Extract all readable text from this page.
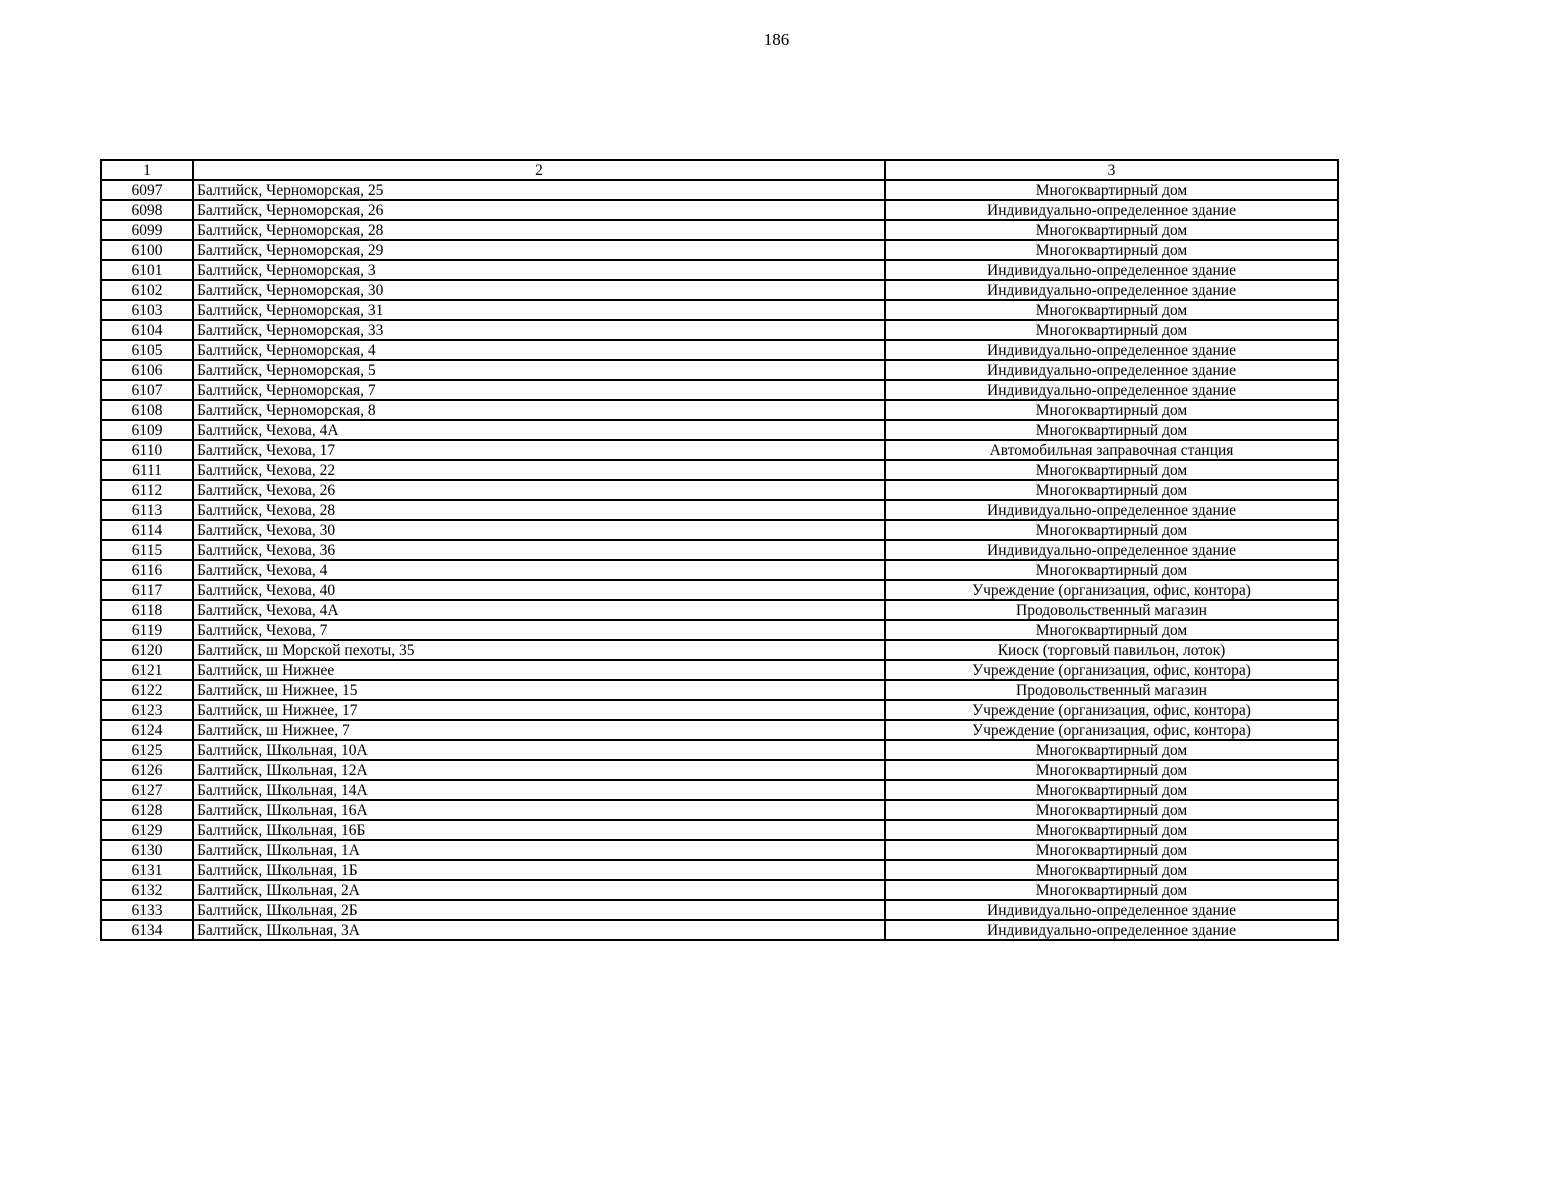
186
1	2	3
6097	Балтийск, Черноморская, 25	Многоквартирный дом
6098	Балтийск, Черноморская, 26	Индивидуально-определенное здание
6099	Балтийск, Черноморская, 28	Многоквартирный дом
6100	Балтийск, Черноморская, 29	Многоквартирный дом
6101	Балтийск, Черноморская, 3	Индивидуально-определенное здание
6102	Балтийск, Черноморская, 30	Индивидуально-определенное здание
6103	Балтийск, Черноморская, 31	Многоквартирный дом
6104	Балтийск, Черноморская, 33	Многоквартирный дом
6105	Балтийск, Черноморская, 4	Индивидуально-определенное здание
6106	Балтийск, Черноморская, 5	Индивидуально-определенное здание
6107	Балтийск, Черноморская, 7	Индивидуально-определенное здание
6108	Балтийск, Черноморская, 8	Многоквартирный дом
6109	Балтийск, Чехова, 4А	Многоквартирный дом
6110	Балтийск, Чехова, 17	Автомобильная заправочная станция
6111	Балтийск, Чехова, 22	Многоквартирный дом
6112	Балтийск, Чехова, 26	Многоквартирный дом
6113	Балтийск, Чехова, 28	Индивидуально-определенное здание
6114	Балтийск, Чехова, 30	Многоквартирный дом
6115	Балтийск, Чехова, 36	Индивидуально-определенное здание
6116	Балтийск, Чехова, 4	Многоквартирный дом
6117	Балтийск, Чехова, 40	Учреждение (организация, офис, контора)
6118	Балтийск, Чехова, 4А	Продовольственный магазин
6119	Балтийск, Чехова, 7	Многоквартирный дом
6120	Балтийск, ш Морской пехоты, 35	Киоск (торговый павильон, лоток)
6121	Балтийск, ш Нижнее	Учреждение (организация, офис, контора)
6122	Балтийск, ш Нижнее, 15	Продовольственный магазин
6123	Балтийск, ш Нижнее, 17	Учреждение (организация, офис, контора)
6124	Балтийск, ш Нижнее, 7	Учреждение (организация, офис, контора)
6125	Балтийск, Школьная, 10А	Многоквартирный дом
6126	Балтийск, Школьная, 12А	Многоквартирный дом
6127	Балтийск, Школьная, 14А	Многоквартирный дом
6128	Балтийск, Школьная, 16А	Многоквартирный дом
6129	Балтийск, Школьная, 16Б	Многоквартирный дом
6130	Балтийск, Школьная, 1А	Многоквартирный дом
6131	Балтийск, Школьная, 1Б	Многоквартирный дом
6132	Балтийск, Школьная, 2А	Многоквартирный дом
6133	Балтийск, Школьная, 2Б	Индивидуально-определенное здание
6134	Балтийск, Школьная, 3А	Индивидуально-определенное здание
